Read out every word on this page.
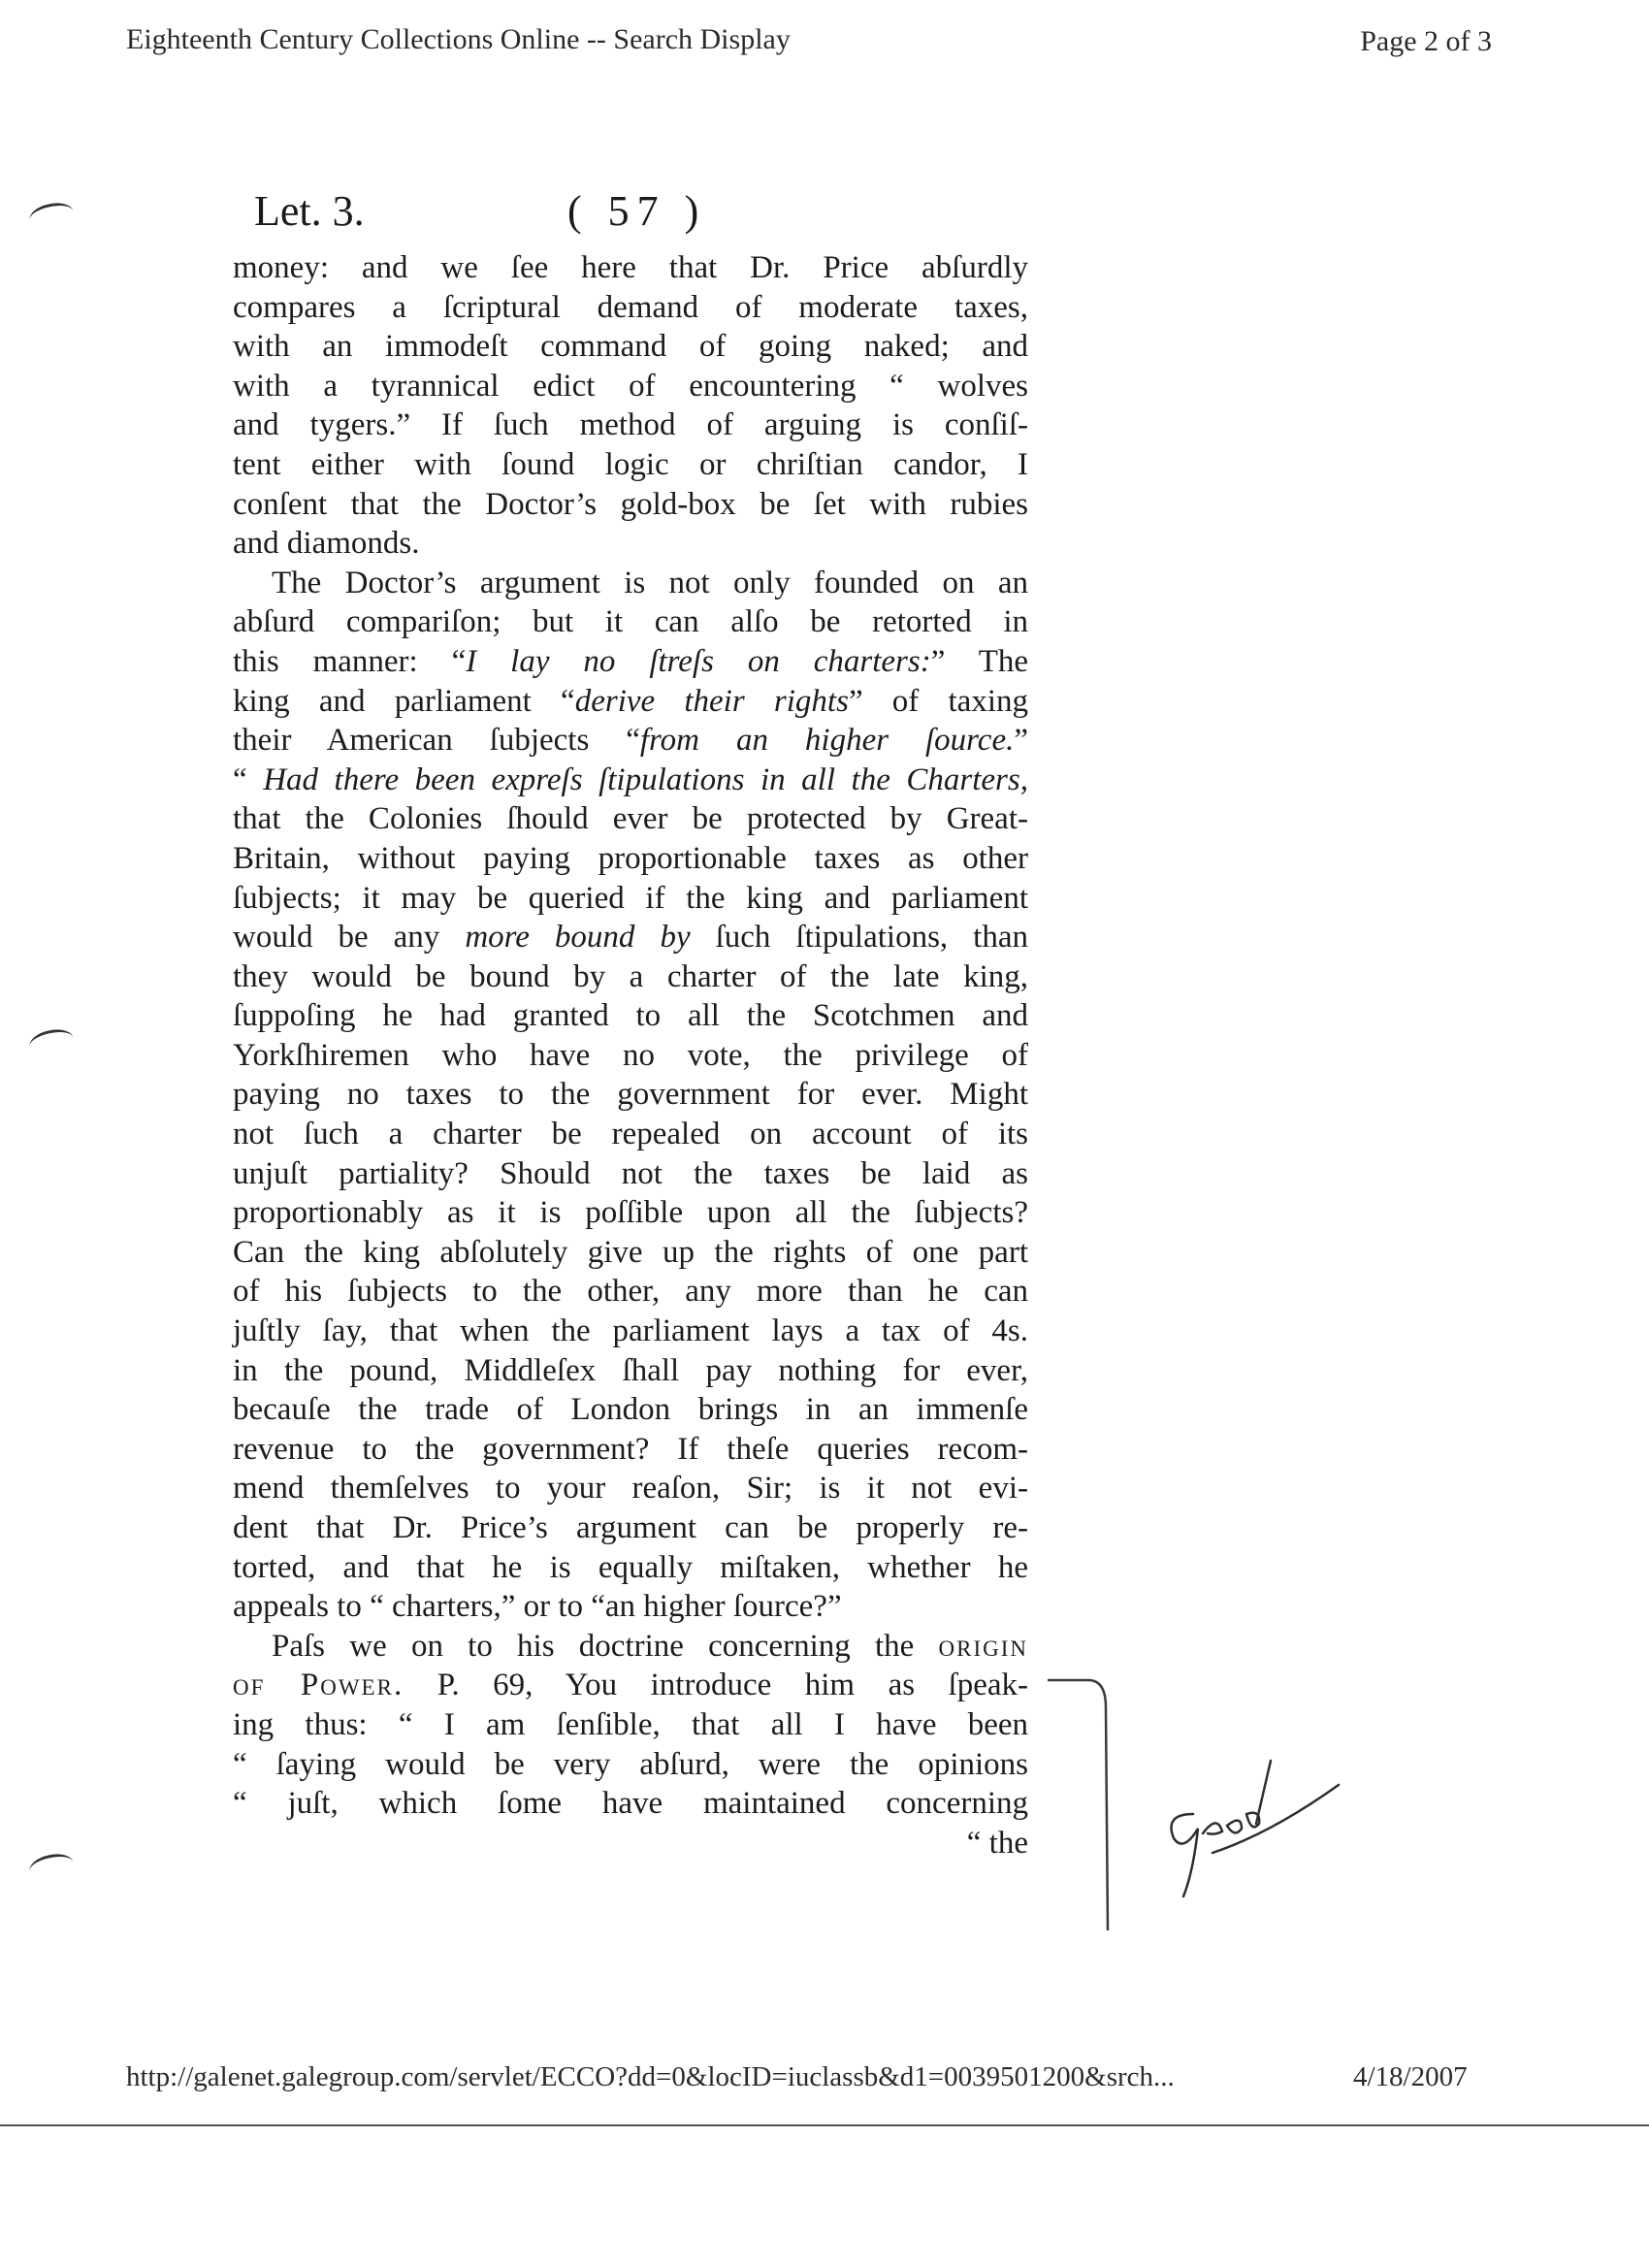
Eighteenth Century Collections Online -- Search Display	Page 2 of 3
Let. 3.	( 57 )
money: and we ſee here that Dr. Price abſurdly
compares a ſcriptural demand of moderate taxes,
with an immodeſt command of going naked; and
with a tyrannical edict of encountering “ wolves
and tygers.” If ſuch method of arguing is conſiſ-
tent either with ſound logic or chriſtian candor, I
conſent that the Doctor’s gold-box be ſet with rubies
and diamonds.
The Doctor’s argument is not only founded on an
abſurd compariſon; but it can alſo be retorted in
this manner: “I lay no ſtreſs on charters:” The
king and parliament “derive their rights” of taxing
their American ſubjects “from an higher ſource.”
“ Had there been expreſs ſtipulations in all the Charters,
that the Colonies ſhould ever be protected by Great-
Britain, without paying proportionable taxes as other
ſubjects; it may be queried if the king and parliament
would be any more bound by ſuch ſtipulations, than
they would be bound by a charter of the late king,
ſuppoſing he had granted to all the Scotchmen and
Yorkſhiremen who have no vote, the privilege of
paying no taxes to the government for ever. Might
not ſuch a charter be repealed on account of its
unjuſt partiality? Should not the taxes be laid as
proportionably as it is poſſible upon all the ſubjects?
Can the king abſolutely give up the rights of one part
of his ſubjects to the other, any more than he can
juſtly ſay, that when the parliament lays a tax of 4s.
in the pound, Middleſex ſhall pay nothing for ever,
becauſe the trade of London brings in an immenſe
revenue to the government? If theſe queries recom-
mend themſelves to your reaſon, Sir; is it not evi-
dent that Dr. Price’s argument can be properly re-
torted, and that he is equally miſtaken, whether he
appeals to “ charters,” or to “an higher ſource?”
Paſs we on to his doctrine concerning the origin
of Power. P. 69, You introduce him as ſpeak-
ing thus: “ I am ſenſible, that all I have been
“ ſaying would be very abſurd, were the opinions
“ juſt, which ſome have maintained concerning
“ the	good
http://galenet.galegroup.com/servlet/ECCO?dd=0&locID=iuclassb&d1=0039501200&srch...	4/18/2007
